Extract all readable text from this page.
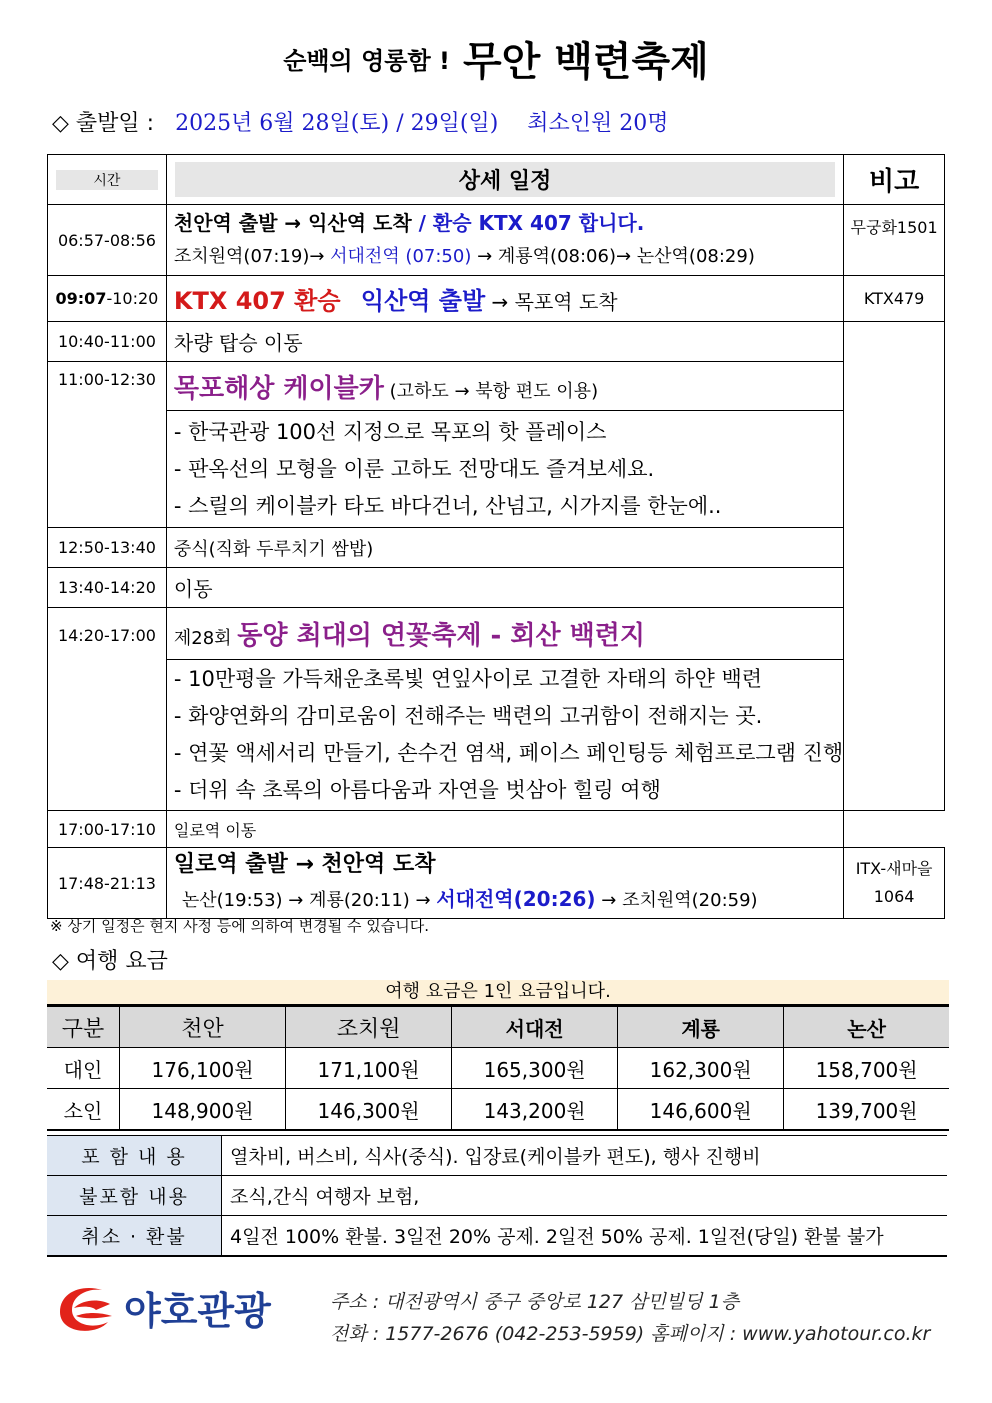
순백의 영롱함 ! 무안 백련축제
◇ 출발일 : 2025년 6월 28일(토) / 29일(일) 최소인원 20명
시간	상세 일정	비고
06:57-08:56	천안역 출발 → 익산역 도착 / 환승 KTX 407 합니다.
조치원역(07:19)→ 서대전역 (07:50) → 계룡역(08:06)→ 논산역(08:29)	무궁화1501
09:07-10:20	KTX 407 환승 익산역 출발 → 목포역 도착	KTX479
10:40-11:00	차량 탑승 이동	
11:00-12:30	목포해상 케이블카 (고하도 → 북항 편도 이용)	

	- 한국관광 100선 지정으로 목포의 핫 플레이스
- 판옥선의 모형을 이룬 고하도 전망대도 즐겨보세요.
- 스릴의 케이블카 타도 바다건너, 산넘고, 시가지를 한눈에..	

12:50-13:40	중식(직화 두루치기 쌈밥)	
13:40-14:20	이동	
14:20-17:00	제28회 동양 최대의 연꽃축제 - 회산 백련지	

	- 10만평을 가득채운초록빛 연잎사이로 고결한 자태의 하얀 백련
- 화양연화의 감미로움이 전해주는 백련의 고귀함이 전해지는 곳.
- 연꽃 액세서리 만들기, 손수건 염색, 페이스 페인팅등 체험프로그램 진행
- 더위 속 초록의 아름다움과 자연을 벗삼아 힐링 여행	

17:00-17:10	일로역 이동	
17:48-21:13	일로역 출발 → 천안역 도착
논산(19:53) → 계룡(20:11) → 서대전역(20:26) → 조치원역(20:59)	ITX-새마을
1064
※ 상기 일정은 현지 사정 등에 의하여 변경될 수 있습니다.
◇ 여행 요금
여행 요금은 1인 요금입니다.
구분	천안	조치원	서대전	계룡	논산
대인	176,100원	171,100원	165,300원	162,300원	158,700원
소인	148,900원	146,300원	143,200원	146,600원	139,700원
포 함 내 용	열차비, 버스비, 식사(중식). 입장료(케이블카 편도), 행사 진행비
불포함 내용	조식,간식 여행자 보험,
취소 · 환불	4일전 100% 환불. 3일전 20% 공제. 2일전 50% 공제. 1일전(당일) 환불 불가
야호관광	주소 : 대전광역시 중구 중앙로 127 삼민빌딩 1층
전화 : 1577-2676 (042-253-5959) 홈페이지 : www.yahotour.co.kr
